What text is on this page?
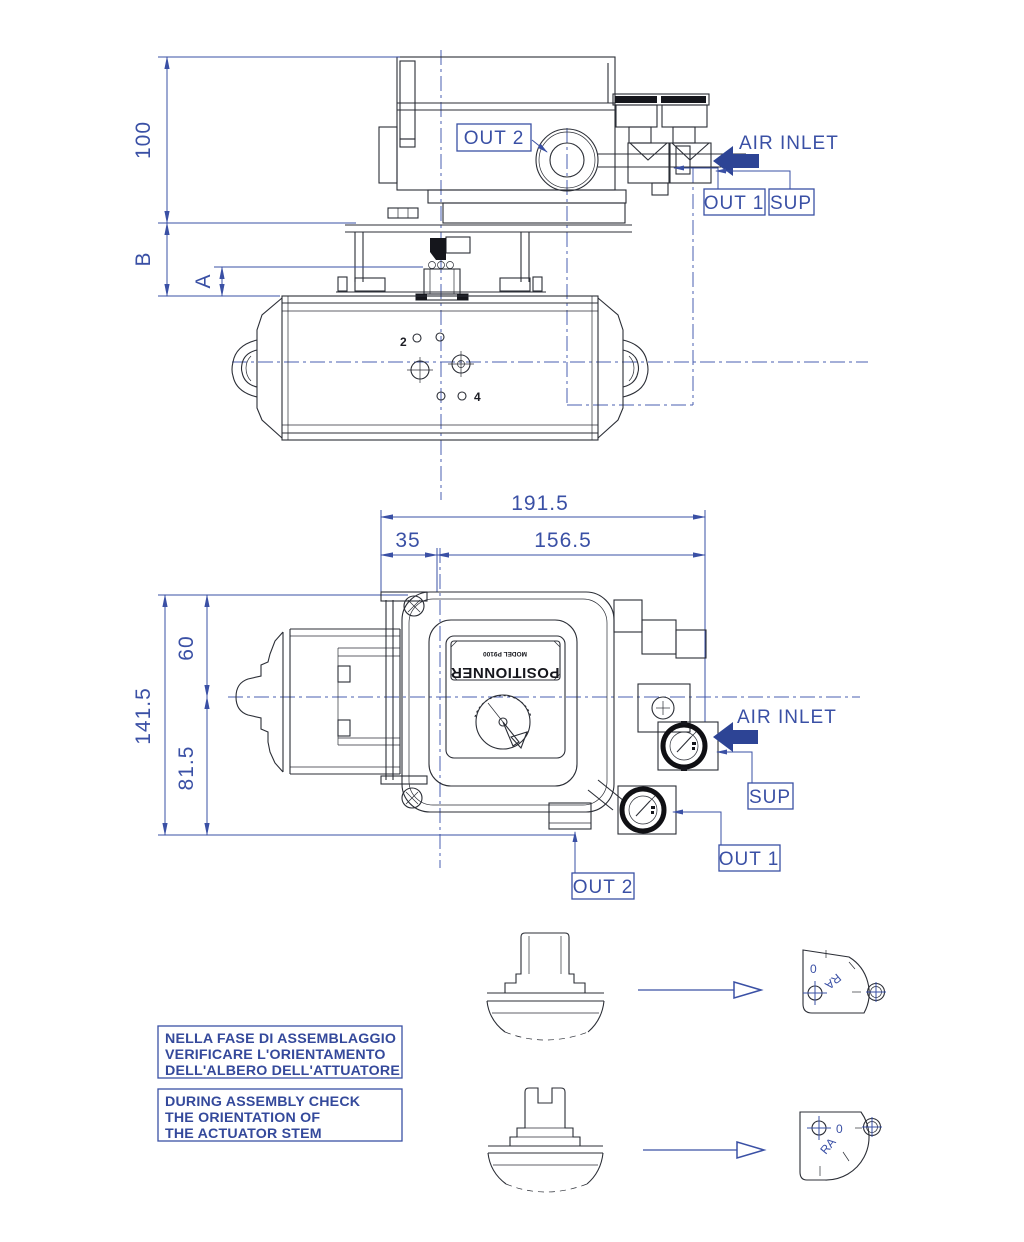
2
4
100
B
A
OUT 2	AIR INLET
OUT 1 SUP
191.5
35	156.5
141.5
60
81.5
POSITIONNER
MODEL P9100
AIR INLET
SUP
OUT 1
OUT 2
0
RA
0
RA
NELLA FASE DI ASSEMBLAGGIO
VERIFICARE L'ORIENTAMENTO
DELL'ALBERO DELL'ATTUATORE
DURING ASSEMBLY CHECK
THE ORIENTATION OF
THE ACTUATOR STEM
